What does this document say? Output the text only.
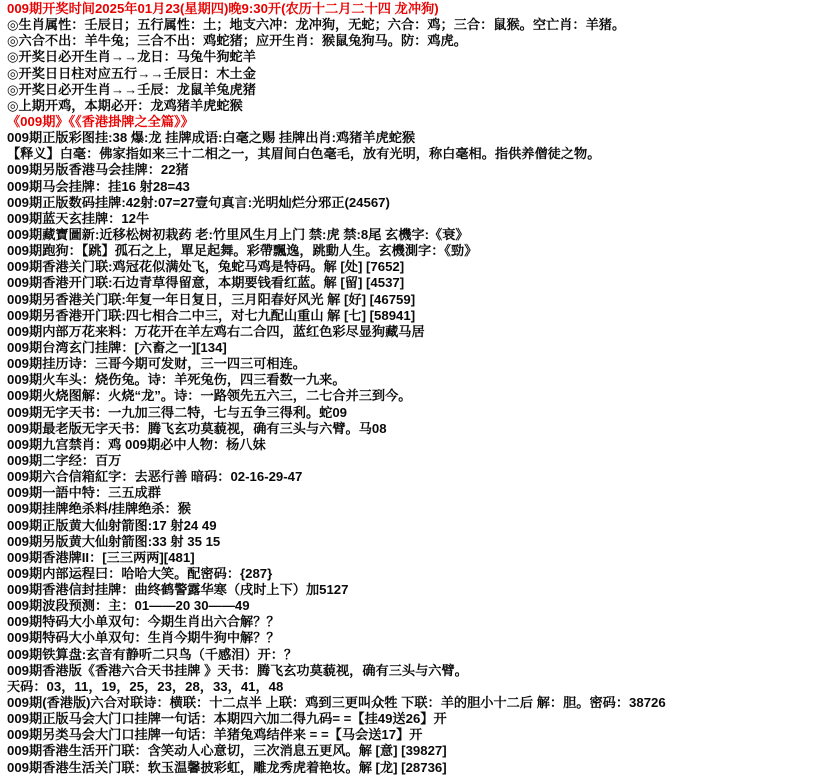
009期开奖时间2025年01月23(星期四)晚9:30开(农历十二月二十四 龙冲狗)
◎生肖属性：壬辰日；五行属性：土；地支六冲：龙冲狗，无蛇；六合：鸡；三合：鼠猴。空亡肖：羊猪。
◎六合不出：羊牛兔；三合不出：鸡蛇猪；应开生肖：猴鼠兔狗马。防：鸡虎。
◎开奖日必开生肖→→龙日：马兔牛狗蛇羊
◎开奖日日柱对应五行→→壬辰日：木土金
◎开奖日必开生肖→→壬辰：龙鼠羊兔虎猪
◎上期开鸡，本期必开：龙鸡猪羊虎蛇猴
《009期》《《香港掛牌之全篇》》
009期正版彩图挂:38 爆:龙 挂牌成语:白毫之赐 挂牌出肖:鸡猪羊虎蛇猴
【释义】白毫：佛家指如来三十二相之一，其眉间白色毫毛，放有光明，称白毫相。指供养僧徒之物。
009期另版香港马会挂牌：22猪
009期马会挂牌：挂16 射28=43
009期正版数码挂牌:42射:07=27壹句真言:光明灿烂分邪正(24567)
009期蓝天玄挂牌：12牛
009期藏寶圖新:近移松树初栽药 老:竹里风生月上门 禁:虎 禁:8尾 玄機字:《衰》
009期跑狗：【跳】孤石之上，單足起舞。彩帶飄逸，跳動人生。玄機測字：《勁》
009期香港关门联:鸡冠花似满处飞，兔蛇马鸡是特码。解 [处] [7652]
009期香港开门联:石边青草得留意，本期要钱看红蓝。解 [留] [4537]
009期另香港关门联:年复一年日复日，三月阳春好风光 解 [好] [46759]
009期另香港开门联:四七相合二中三，对七九配山重山 解 [七] [58941]
009期内部万花来料：万花开在羊左鸡右二合四，蓝红色彩尽显狗藏马居
009期台湾玄门挂牌：[六畜之一][134]
009期挂历诗：三哥今期可发财，三一四三可相连。
009期火车头：烧伤兔。诗：羊死兔伤，四三看数一九来。
009期火烧图解：火烧“龙”。诗：一路领先五六三，二七合并三到今。
009期无字天书：一九加三得二特，七与五争三得利。蛇09
009期最老版无字天书：腾飞玄功莫藐视，确有三头与六臂。马08
009期九宫禁肖：鸡 009期必中人物：杨八妹
009期二字经：百万
009期六合信箱紅字：去恶行善 暗码：02-16-29-47
009期一語中特：三五成群
009期挂牌绝杀料/挂牌绝杀：猴
009期正版黄大仙射箭图:17 射24 49
009期另版黄大仙射箭图:33 射 35 15
009期香港牌II：[三三两两][481]
009期内部运程曰：哈哈大笑。配密码：{287}
009期香港信封挂牌：曲终鹤警露华寒（戌时上下）加5127
009期波段预测：主：01——20 30——49
009期特码大小单双句：今期生肖出六合解？？
009期特码大小单双句：生肖今期牛狗中解？？
009期铁算盘:玄音有静听二只鸟（千感泪）开：？
009期香港版《香港六合天书挂牌 》天书：腾飞玄功莫藐视，确有三头与六臂。
天码：03，11，19，25，23，28，33，41，48
009期(香港版)六合对联诗：横联：十二点半 上联：鸡到三更叫众牲 下联：羊的胆小十二后 解：胆。密码：38726
009期正版马会大门口挂牌一句话：本期四六加二得九码= =【挂49送26】开
009期另类马会大门口挂牌一句话：羊猪兔鸡结伴来 = =【马会送17】开
009期香港生活开门联：含笑动人心意切，三次消息五更风。解 [意] [39827]
009期香港生活关门联：软玉温馨披彩虹，雕龙秀虎着艳妆。解 [龙] [28736]
